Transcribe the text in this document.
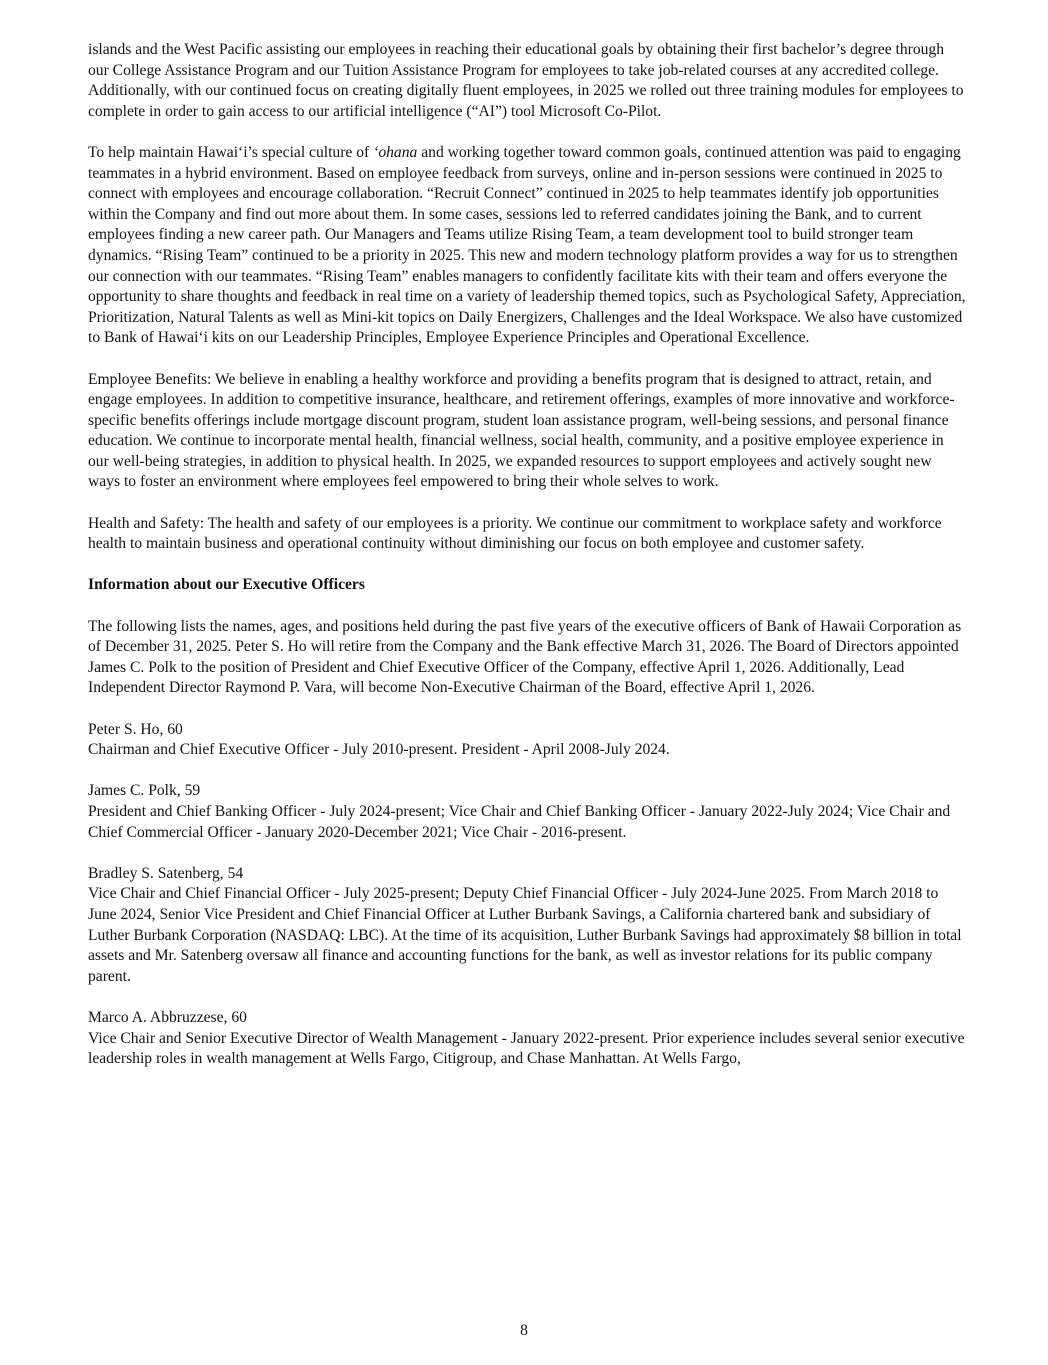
islands and the West Pacific assisting our employees in reaching their educational goals by obtaining their first bachelor’s degree through our College Assistance Program and our Tuition Assistance Program for employees to take job-related courses at any accredited college. Additionally, with our continued focus on creating digitally fluent employees, in 2025 we rolled out three training modules for employees to complete in order to gain access to our artificial intelligence (“AI”) tool Microsoft Co-Pilot.

To help maintain Hawai‘i’s special culture of ‘ohana and working together toward common goals, continued attention was paid to engaging teammates in a hybrid environment. Based on employee feedback from surveys, online and in-person sessions were continued in 2025 to connect with employees and encourage collaboration. “Recruit Connect” continued in 2025 to help teammates identify job opportunities within the Company and find out more about them. In some cases, sessions led to referred candidates joining the Bank, and to current employees finding a new career path. Our Managers and Teams utilize Rising Team, a team development tool to build stronger team dynamics. “Rising Team” continued to be a priority in 2025. This new and modern technology platform provides a way for us to strengthen our connection with our teammates. “Rising Team” enables managers to confidently facilitate kits with their team and offers everyone the opportunity to share thoughts and feedback in real time on a variety of leadership themed topics, such as Psychological Safety, Appreciation, Prioritization, Natural Talents as well as Mini-kit topics on Daily Energizers, Challenges and the Ideal Workspace. We also have customized to Bank of Hawai‘i kits on our Leadership Principles, Employee Experience Principles and Operational Excellence.

Employee Benefits: We believe in enabling a healthy workforce and providing a benefits program that is designed to attract, retain, and engage employees. In addition to competitive insurance, healthcare, and retirement offerings, examples of more innovative and workforce-specific benefits offerings include mortgage discount program, student loan assistance program, well-being sessions, and personal finance education. We continue to incorporate mental health, financial wellness, social health, community, and a positive employee experience in our well-being strategies, in addition to physical health. In 2025, we expanded resources to support employees and actively sought new ways to foster an environment where employees feel empowered to bring their whole selves to work.

Health and Safety: The health and safety of our employees is a priority. We continue our commitment to workplace safety and workforce health to maintain business and operational continuity without diminishing our focus on both employee and customer safety.

Information about our Executive Officers

The following lists the names, ages, and positions held during the past five years of the executive officers of Bank of Hawaii Corporation as of December 31, 2025. Peter S. Ho will retire from the Company and the Bank effective March 31, 2026. The Board of Directors appointed James C. Polk to the position of President and Chief Executive Officer of the Company, effective April 1, 2026. Additionally, Lead Independent Director Raymond P. Vara, will become Non-Executive Chairman of the Board, effective April 1, 2026.

Peter S. Ho, 60
Chairman and Chief Executive Officer - July 2010-present. President - April 2008-July 2024.
James C. Polk, 59
President and Chief Banking Officer - July 2024-present; Vice Chair and Chief Banking Officer - January 2022-July 2024; Vice Chair and Chief Commercial Officer - January 2020-December 2021; Vice Chair - 2016-present.
Bradley S. Satenberg, 54
Vice Chair and Chief Financial Officer - July 2025-present; Deputy Chief Financial Officer - July 2024-June 2025. From March 2018 to June 2024, Senior Vice President and Chief Financial Officer at Luther Burbank Savings, a California chartered bank and subsidiary of Luther Burbank Corporation (NASDAQ: LBC). At the time of its acquisition, Luther Burbank Savings had approximately $8 billion in total assets and Mr. Satenberg oversaw all finance and accounting functions for the bank, as well as investor relations for its public company parent.
Marco A. Abbruzzese, 60
Vice Chair and Senior Executive Director of Wealth Management - January 2022-present. Prior experience includes several senior executive leadership roles in wealth management at Wells Fargo, Citigroup, and Chase Manhattan. At Wells Fargo,
8
